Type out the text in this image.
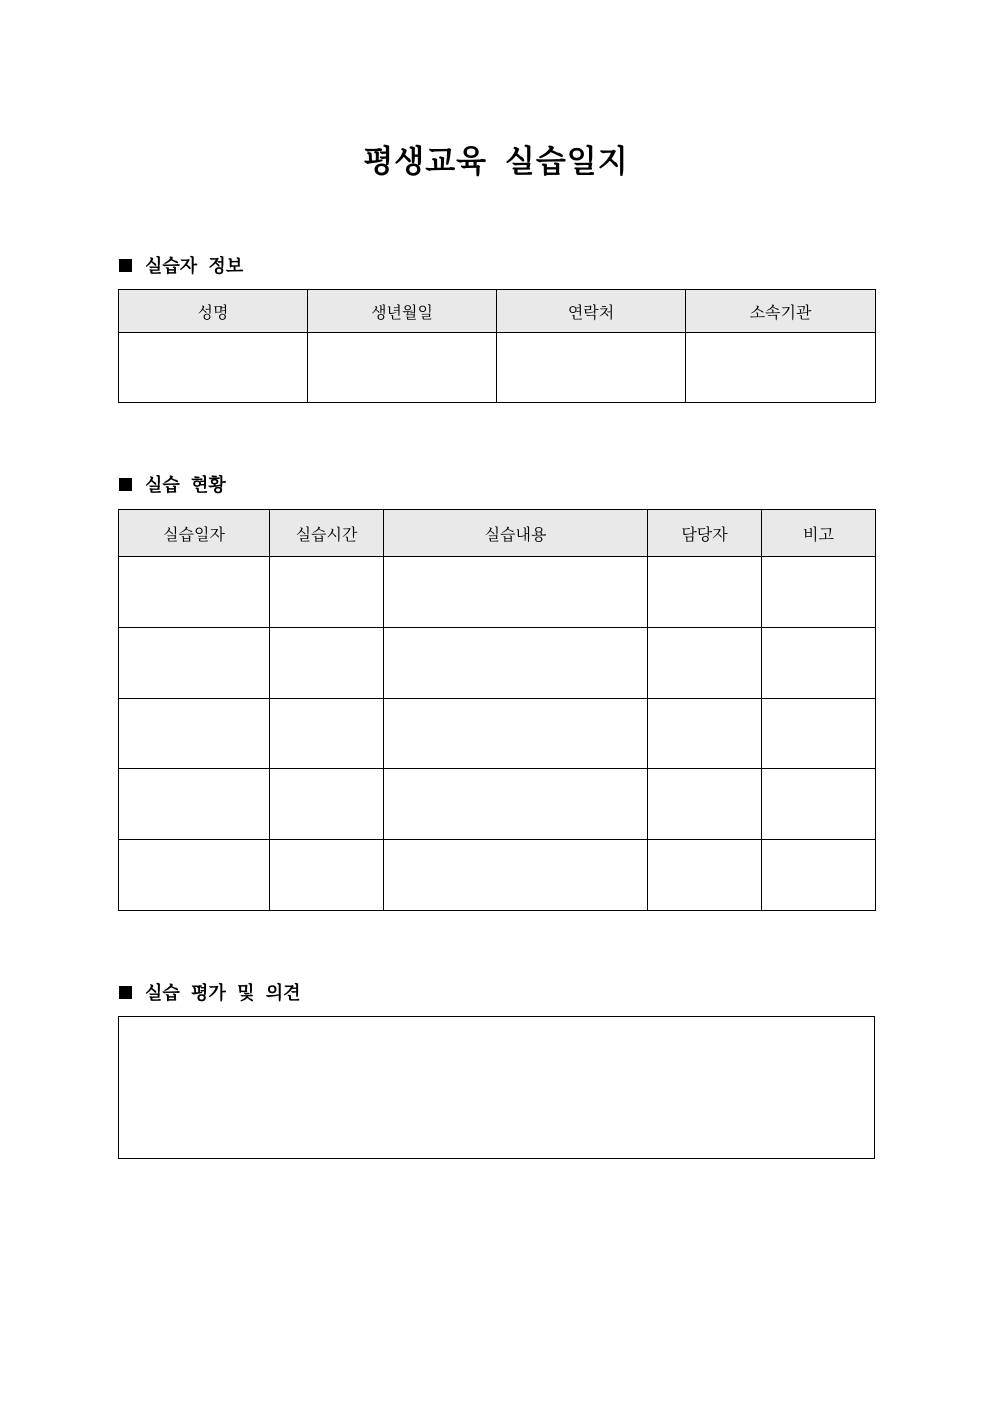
평생교육 실습일지
실습자 정보
성명	생년월일	연락처	소속기관

실습 현황
실습일자	실습시간	실습내용	담당자	비고

실습 평가 및 의견
